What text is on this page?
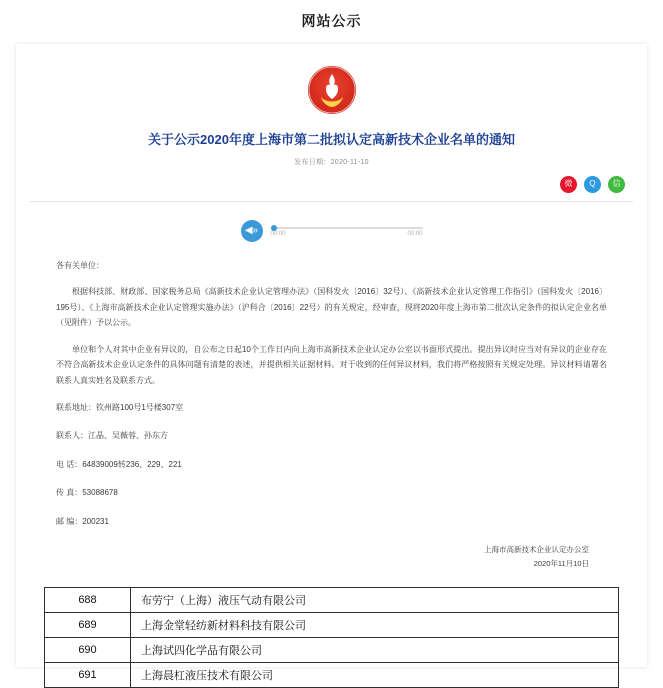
网站公示
关于公示2020年度上海市第二批拟认定高新技术企业名单的通知
发布日期：2020-11-10
微	Q	信
◀»	00:00	00:00

各有关单位：

根据科技部、财政部、国家税务总局《高新技术企业认定管理办法》（国科发火〔2016〕32号）、《高新技术企业认定管理工作指引》（国科发火〔2016〕195号）、《上海市高新技术企业认定管理实施办法》（沪科合〔2016〕22号）的有关规定，经审查，现将2020年度上海市第二批次认定条件的拟认定企业名单（见附件）予以公示。

单位和个人对其中企业有异议的，自公布之日起10个工作日内向上海市高新技术企业认定办公室以书面形式提出。提出异议时应当对有异议的企业存在不符合高新技术企业认定条件的具体问题有清楚的表述，并提供相关证据材料。对于收到的任何异议材料，我们将严格按照有关规定处理。异议材料请署名联系人真实姓名及联系方式。

联系地址：钦州路100号1号楼307室

联系人：江晶、吴薇蓉、孙东方

电 话：64839009转236、229、221

传 真：53088678

邮 编：200231

上海市高新技术企业认定办公室
2020年11月10日
688	布劳宁（上海）液压气动有限公司
689	上海金堂轻纺新材料科技有限公司
690	上海试四化学品有限公司
691	上海晨杠液压技术有限公司
